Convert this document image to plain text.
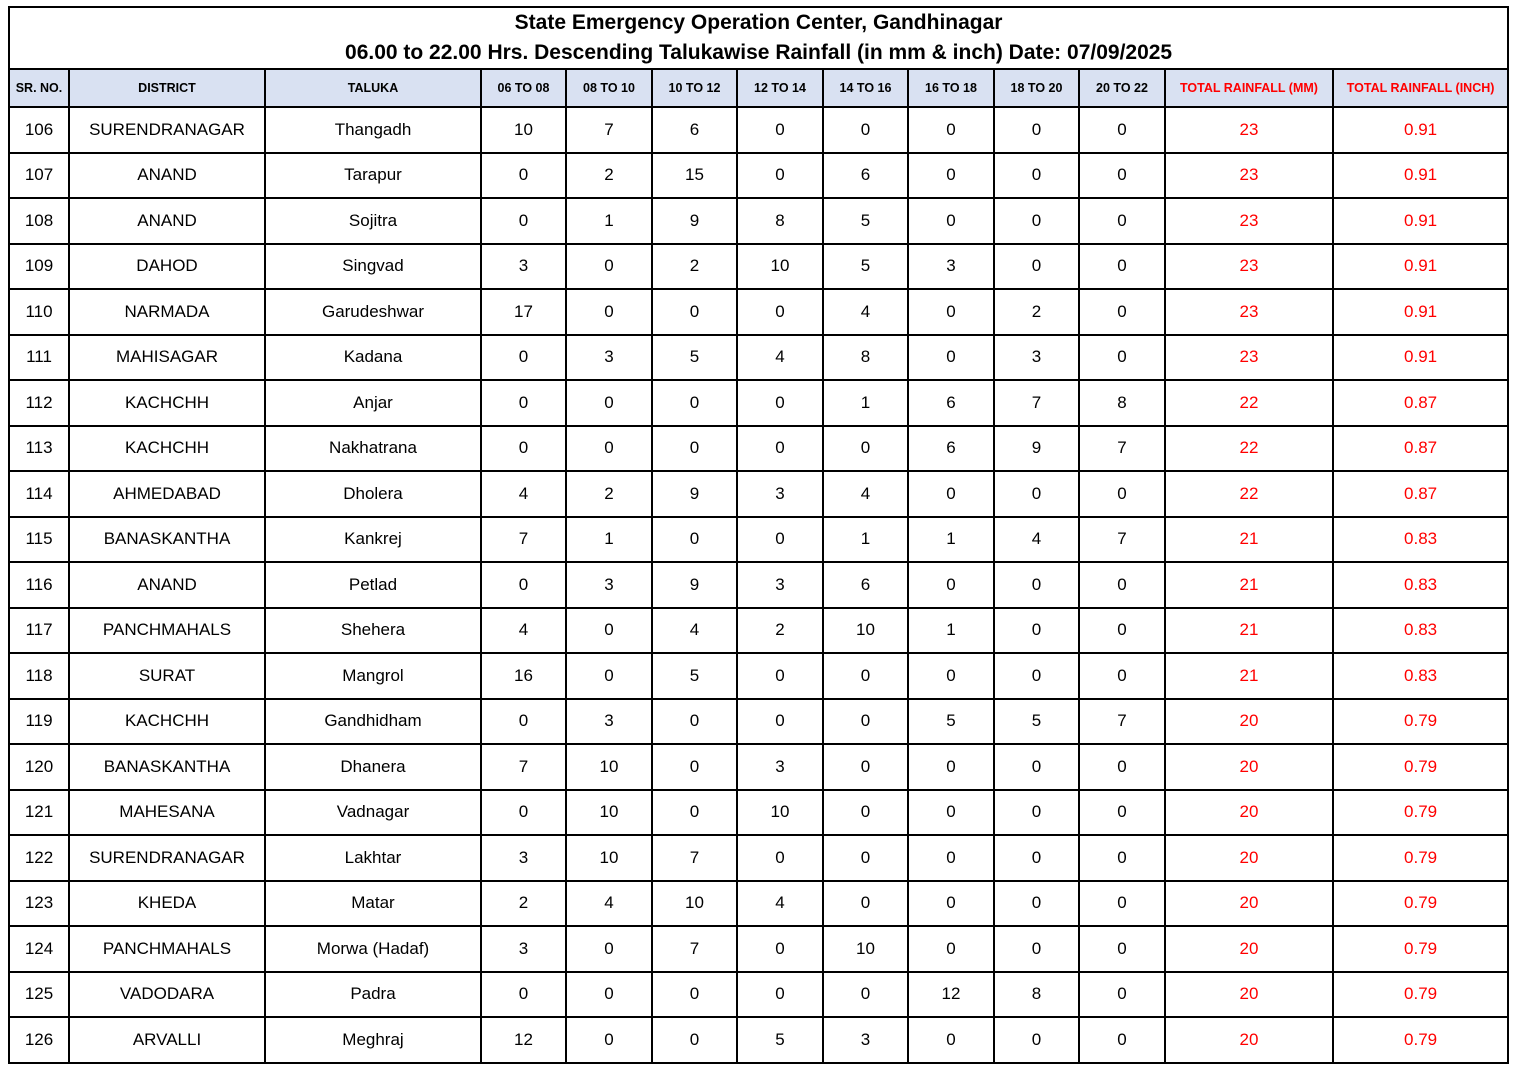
State Emergency Operation Center, Gandhinagar
06.00 to 22.00 Hrs. Descending Talukawise Rainfall (in mm & inch) Date: 07/09/2025												

SR. NO.	DISTRICT	TALUKA	06 TO 08	08 TO 10	10 TO 12	12 TO 14	14 TO 16	16 TO 18	18 TO 20	20 TO 22	TOTAL RAINFALL (MM)	TOTAL RAINFALL (INCH)
106	SURENDRANAGAR	Thangadh	10	7	6	0	0	0	0	0	23	0.91
107	ANAND	Tarapur	0	2	15	0	6	0	0	0	23	0.91
108	ANAND	Sojitra	0	1	9	8	5	0	0	0	23	0.91
109	DAHOD	Singvad	3	0	2	10	5	3	0	0	23	0.91
110	NARMADA	Garudeshwar	17	0	0	0	4	0	2	0	23	0.91
111	MAHISAGAR	Kadana	0	3	5	4	8	0	3	0	23	0.91
112	KACHCHH	Anjar	0	0	0	0	1	6	7	8	22	0.87
113	KACHCHH	Nakhatrana	0	0	0	0	0	6	9	7	22	0.87
114	AHMEDABAD	Dholera	4	2	9	3	4	0	0	0	22	0.87
115	BANASKANTHA	Kankrej	7	1	0	0	1	1	4	7	21	0.83
116	ANAND	Petlad	0	3	9	3	6	0	0	0	21	0.83
117	PANCHMAHALS	Shehera	4	0	4	2	10	1	0	0	21	0.83
118	SURAT	Mangrol	16	0	5	0	0	0	0	0	21	0.83
119	KACHCHH	Gandhidham	0	3	0	0	0	5	5	7	20	0.79
120	BANASKANTHA	Dhanera	7	10	0	3	0	0	0	0	20	0.79
121	MAHESANA	Vadnagar	0	10	0	10	0	0	0	0	20	0.79
122	SURENDRANAGAR	Lakhtar	3	10	7	0	0	0	0	0	20	0.79
123	KHEDA	Matar	2	4	10	4	0	0	0	0	20	0.79
124	PANCHMAHALS	Morwa (Hadaf)	3	0	7	0	10	0	0	0	20	0.79
125	VADODARA	Padra	0	0	0	0	0	12	8	0	20	0.79
126	ARVALLI	Meghraj	12	0	0	5	3	0	0	0	20	0.79
